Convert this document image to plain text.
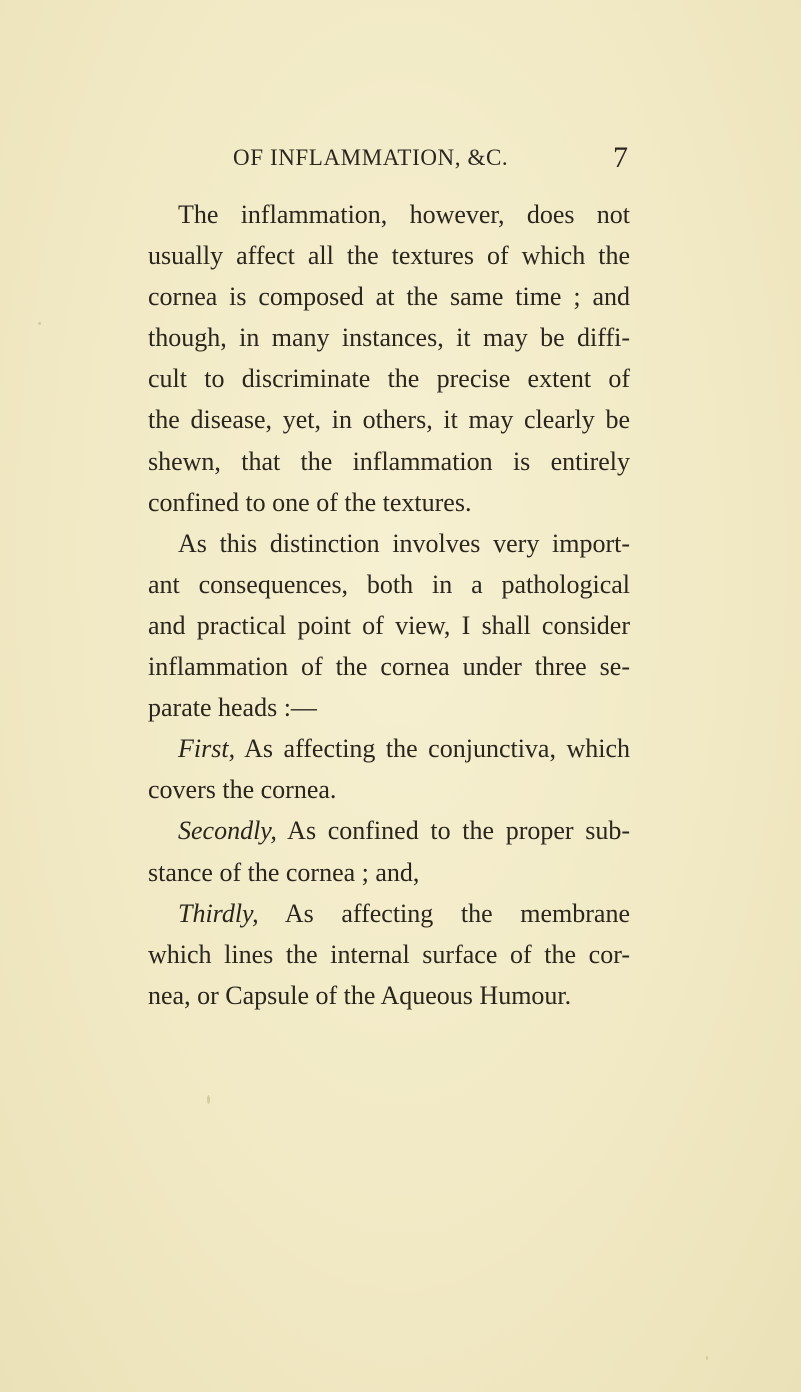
OF INFLAMMATION, &C.	7
The inflammation, however, does not
usually affect all the textures of which the
cornea is composed at the same time ; and
though, in many instances, it may be diffi-
cult to discriminate the precise extent of
the disease, yet, in others, it may clearly be
shewn, that the inflammation is entirely
confined to one of the textures.
As this distinction involves very import-
ant consequences, both in a pathological
and practical point of view, I shall consider
inflammation of the cornea under three se-
parate heads :—
First, As affecting the conjunctiva, which
covers the cornea.
Secondly, As confined to the proper sub-
stance of the cornea ; and,
Thirdly, As affecting the membrane
which lines the internal surface of the cor-
nea, or Capsule of the Aqueous Humour.
